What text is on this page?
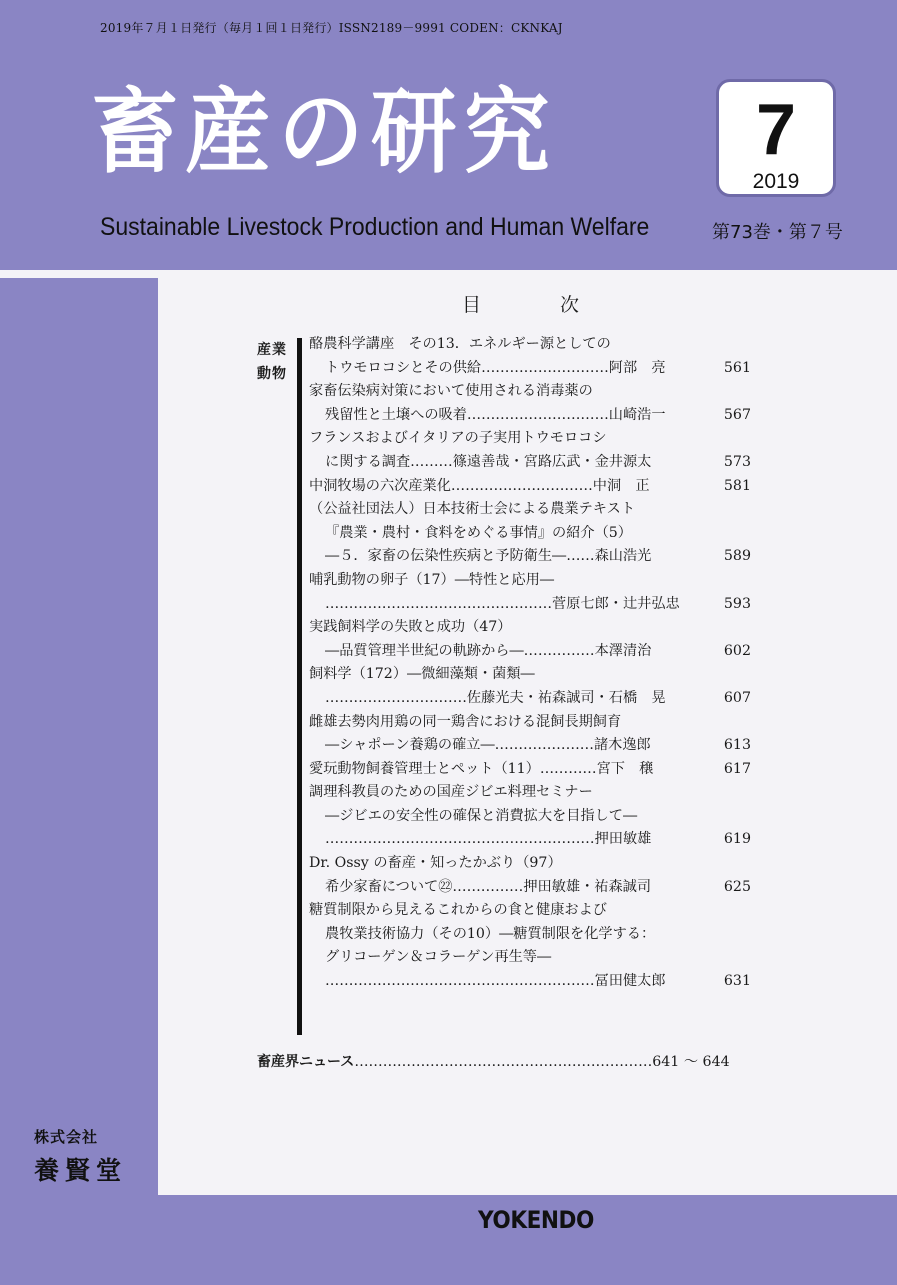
2019年７月１日発行（毎月１回１日発行）ISSN2189－9991 CODEN：CKNKAJ
畜産の研究
Sustainable Livestock Production and Human Welfare
7
2019
第73巻・第７号
株式会社
養賢堂
YOKENDO
目　次
産業
動物
酪農科学講座　その13．エネルギー源としての
トウモロコシとその供給………………………阿部　亮	561
家畜伝染病対策において使用される消毒薬の
残留性と土壌への吸着…………………………山崎浩一	567
フランスおよびイタリアの子実用トウモロコシ
に関する調査………篠遠善哉・宮路広武・金井源太	573
中洞牧場の六次産業化…………………………中洞　正	581
（公益社団法人）日本技術士会による農業テキスト
『農業・農村・食料をめぐる事情』の紹介（5）
―５．家畜の伝染性疾病と予防衛生―……森山浩光	589
哺乳動物の卵子（17）―特性と応用―
…………………………………………菅原七郎・辻井弘忠	593
実践飼料学の失敗と成功（47）
―品質管理半世紀の軌跡から―……………本澤清治	602
飼料学（172）―微細藻類・菌類―
…………………………佐藤光夫・祐森誠司・石橋　晃	607
雌雄去勢肉用鶏の同一鶏舎における混飼長期飼育
―シャポーン養鶏の確立―…………………諸木逸郎	613
愛玩動物飼養管理士とペット（11）…………宮下　穣	617
調理科教員のための国産ジビエ料理セミナー
―ジビエの安全性の確保と消費拡大を目指して―
…………………………………………………押田敏雄	619
Dr. Ossy の畜産・知ったかぶり（97）
希少家畜について㉒……………押田敏雄・祐森誠司	625
糖質制限から見えるこれからの食と健康および
農牧業技術協力（その10）―糖質制限を化学する：
グリコーゲン＆コラーゲン再生等―
…………………………………………………冨田健太郎	631
畜産界ニュース………………………………………………………641 ～ 644
